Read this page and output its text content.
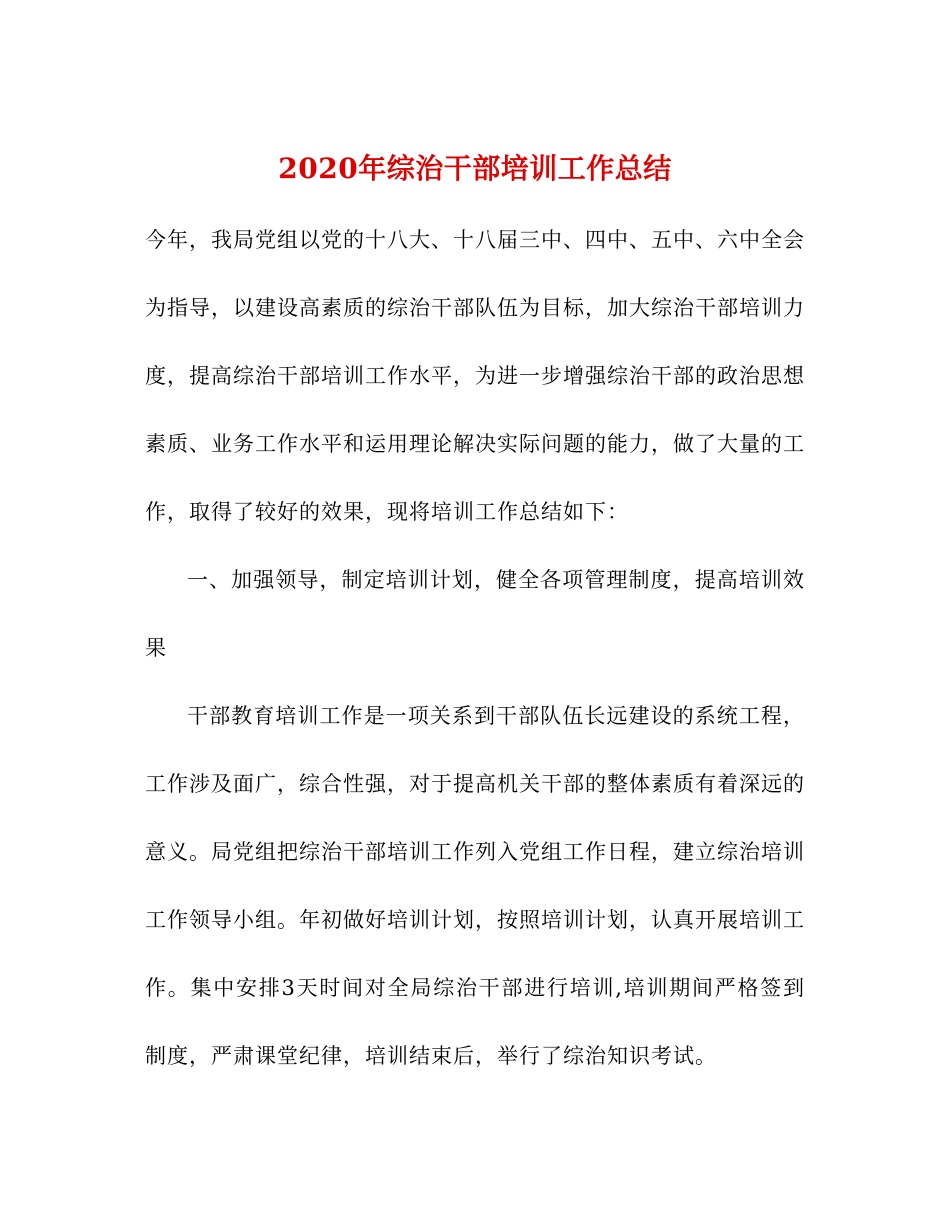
2020年综治干部培训工作总结

今年，我局党组以党的十八大、十八届三中、四中、五中、六中全会为指导，以建设高素质的综治干部队伍为目标，加大综治干部培训力度，提高综治干部培训工作水平，为进一步增强综治干部的政治思想素质、业务工作水平和运用理论解决实际问题的能力，做了大量的工作，取得了较好的效果，现将培训工作总结如下：

一、加强领导，制定培训计划，健全各项管理制度，提高培训效果

干部教育培训工作是一项关系到干部队伍长远建设的系统工程，工作涉及面广，综合性强，对于提高机关干部的整体素质有着深远的意义。局党组把综治干部培训工作列入党组工作日程，建立综治培训工作领导小组。年初做好培训计划，按照培训计划，认真开展培训工作。集中安排3天时间对全局综治干部进行培训,培训期间严格签到制度，严肃课堂纪律，培训结束后，举行了综治知识考试。
